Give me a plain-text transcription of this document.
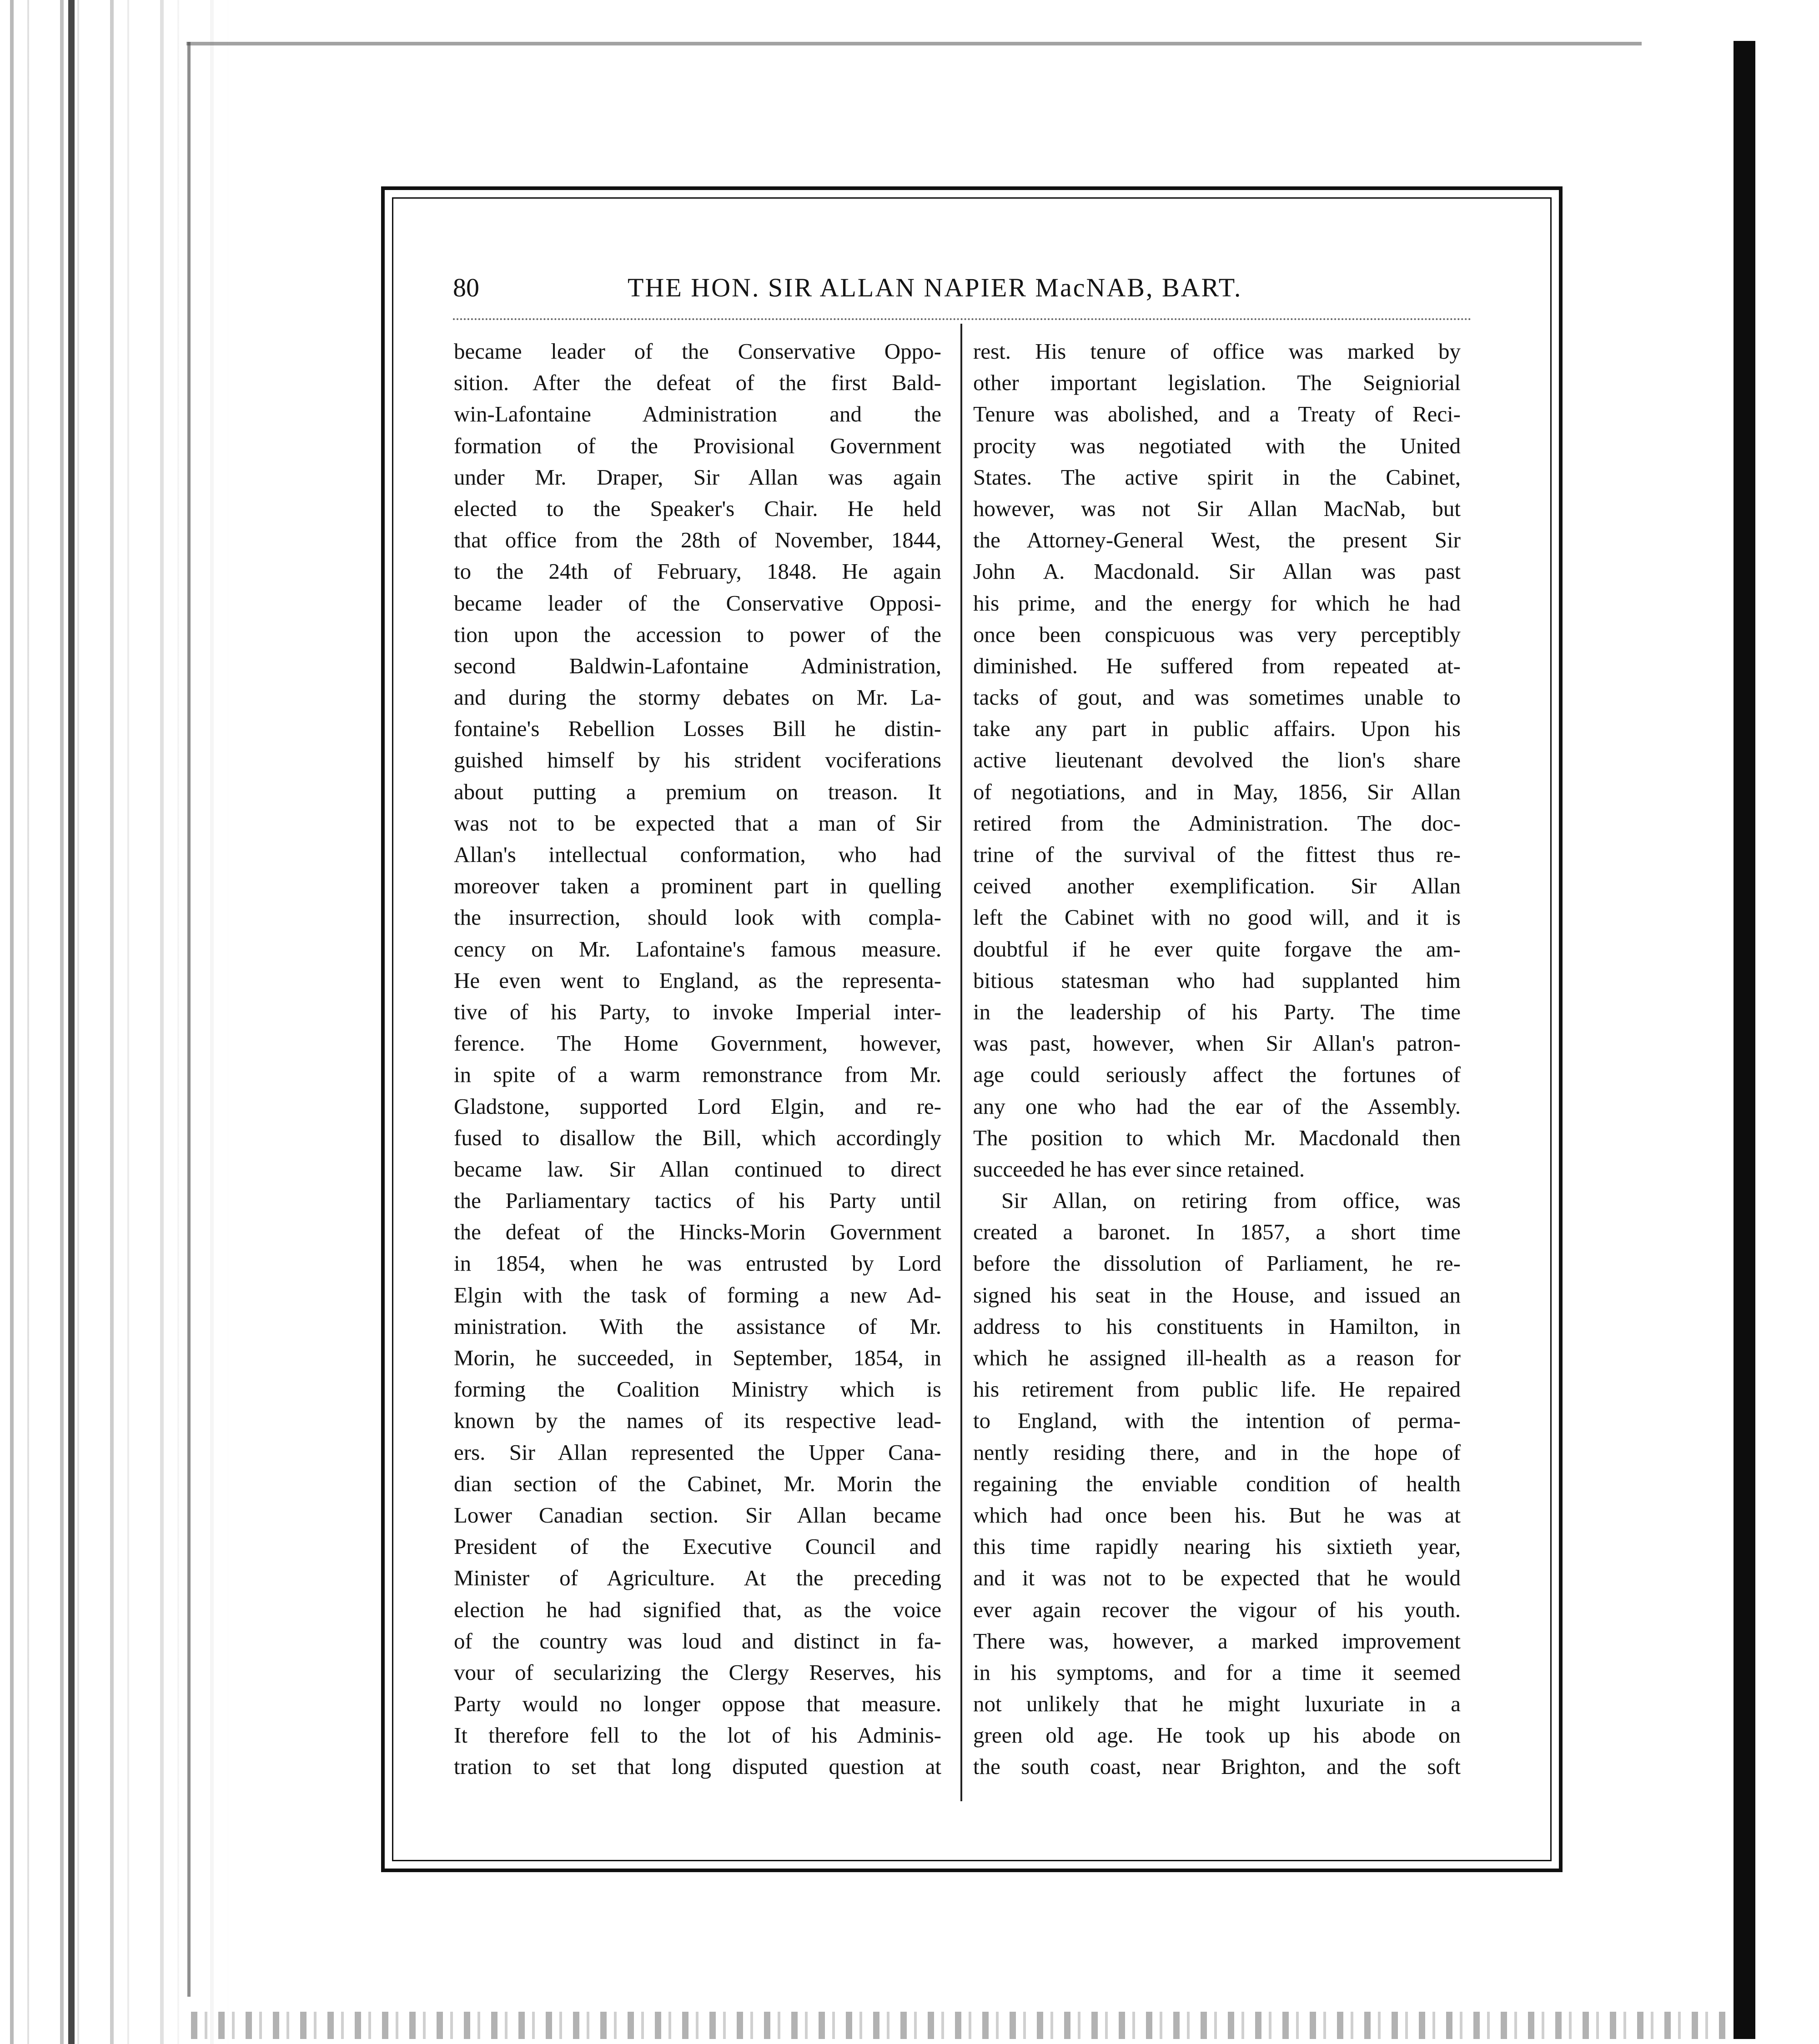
80	THE HON. SIR ALLAN NAPIER MacNAB, BART.
became leader of the Conservative Oppo-
sition. After the defeat of the first Bald-
win-Lafontaine Administration and the
formation of the Provisional Government
under Mr. Draper, Sir Allan was again
elected to the Speaker's Chair. He held
that office from the 28th of November, 1844,
to the 24th of February, 1848. He again
became leader of the Conservative Opposi-
tion upon the accession to power of the
second Baldwin-Lafontaine Administration,
and during the stormy debates on Mr. La-
fontaine's Rebellion Losses Bill he distin-
guished himself by his strident vociferations
about putting a premium on treason. It
was not to be expected that a man of Sir
Allan's intellectual conformation, who had
moreover taken a prominent part in quelling
the insurrection, should look with compla-
cency on Mr. Lafontaine's famous measure.
He even went to England, as the representa-
tive of his Party, to invoke Imperial inter-
ference. The Home Government, however,
in spite of a warm remonstrance from Mr.
Gladstone, supported Lord Elgin, and re-
fused to disallow the Bill, which accordingly
became law. Sir Allan continued to direct
the Parliamentary tactics of his Party until
the defeat of the Hincks-Morin Government
in 1854, when he was entrusted by Lord
Elgin with the task of forming a new Ad-
ministration. With the assistance of Mr.
Morin, he succeeded, in September, 1854, in
forming the Coalition Ministry which is
known by the names of its respective lead-
ers. Sir Allan represented the Upper Cana-
dian section of the Cabinet, Mr. Morin the
Lower Canadian section. Sir Allan became
President of the Executive Council and
Minister of Agriculture. At the preceding
election he had signified that, as the voice
of the country was loud and distinct in fa-
vour of secularizing the Clergy Reserves, his
Party would no longer oppose that measure.
It therefore fell to the lot of his Adminis-
tration to set that long disputed question at
rest. His tenure of office was marked by
other important legislation. The Seigniorial
Tenure was abolished, and a Treaty of Reci-
procity was negotiated with the United
States. The active spirit in the Cabinet,
however, was not Sir Allan MacNab, but
the Attorney-General West, the present Sir
John A. Macdonald. Sir Allan was past
his prime, and the energy for which he had
once been conspicuous was very perceptibly
diminished. He suffered from repeated at-
tacks of gout, and was sometimes unable to
take any part in public affairs. Upon his
active lieutenant devolved the lion's share
of negotiations, and in May, 1856, Sir Allan
retired from the Administration. The doc-
trine of the survival of the fittest thus re-
ceived another exemplification. Sir Allan
left the Cabinet with no good will, and it is
doubtful if he ever quite forgave the am-
bitious statesman who had supplanted him
in the leadership of his Party. The time
was past, however, when Sir Allan's patron-
age could seriously affect the fortunes of
any one who had the ear of the Assembly.
The position to which Mr. Macdonald then
succeeded he has ever since retained.
Sir Allan, on retiring from office, was
created a baronet. In 1857, a short time
before the dissolution of Parliament, he re-
signed his seat in the House, and issued an
address to his constituents in Hamilton, in
which he assigned ill-health as a reason for
his retirement from public life. He repaired
to England, with the intention of perma-
nently residing there, and in the hope of
regaining the enviable condition of health
which had once been his. But he was at
this time rapidly nearing his sixtieth year,
and it was not to be expected that he would
ever again recover the vigour of his youth.
There was, however, a marked improvement
in his symptoms, and for a time it seemed
not unlikely that he might luxuriate in a
green old age. He took up his abode on
the south coast, near Brighton, and the soft
